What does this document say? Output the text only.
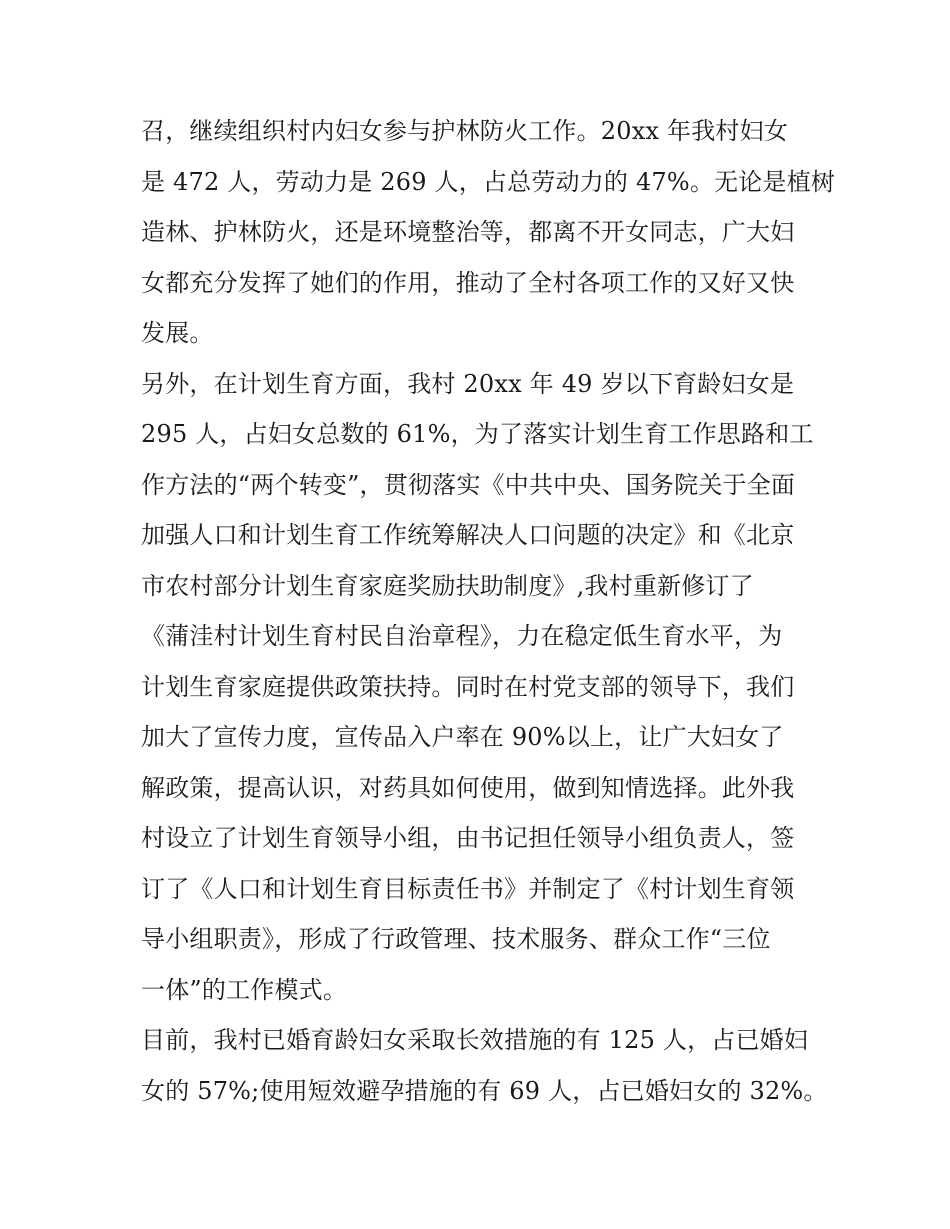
召，继续组织村内妇女参与护林防火工作。20xx 年我村妇女
是 472 人，劳动力是 269 人，占总劳动力的 47%。无论是植树
造林、护林防火，还是环境整治等，都离不开女同志，广大妇
女都充分发挥了她们的作用，推动了全村各项工作的又好又快
发展。
另外，在计划生育方面，我村 20xx 年 49 岁以下育龄妇女是
295 人，占妇女总数的 61%，为了落实计划生育工作思路和工
作方法的“两个转变”，贯彻落实《中共中央、国务院关于全面
加强人口和计划生育工作统筹解决人口问题的决定》和《北京
市农村部分计划生育家庭奖励扶助制度》,我村重新修订了
《蒲洼村计划生育村民自治章程》，力在稳定低生育水平，为
计划生育家庭提供政策扶持。同时在村党支部的领导下，我们
加大了宣传力度，宣传品入户率在 90%以上，让广大妇女了
解政策，提高认识，对药具如何使用，做到知情选择。此外我
村设立了计划生育领导小组，由书记担任领导小组负责人，签
订了《人口和计划生育目标责任书》并制定了《村计划生育领
导小组职责》，形成了行政管理、技术服务、群众工作“三位
一体”的工作模式。
目前，我村已婚育龄妇女采取长效措施的有 125 人，占已婚妇
女的 57%;使用短效避孕措施的有 69 人，占已婚妇女的 32%。
